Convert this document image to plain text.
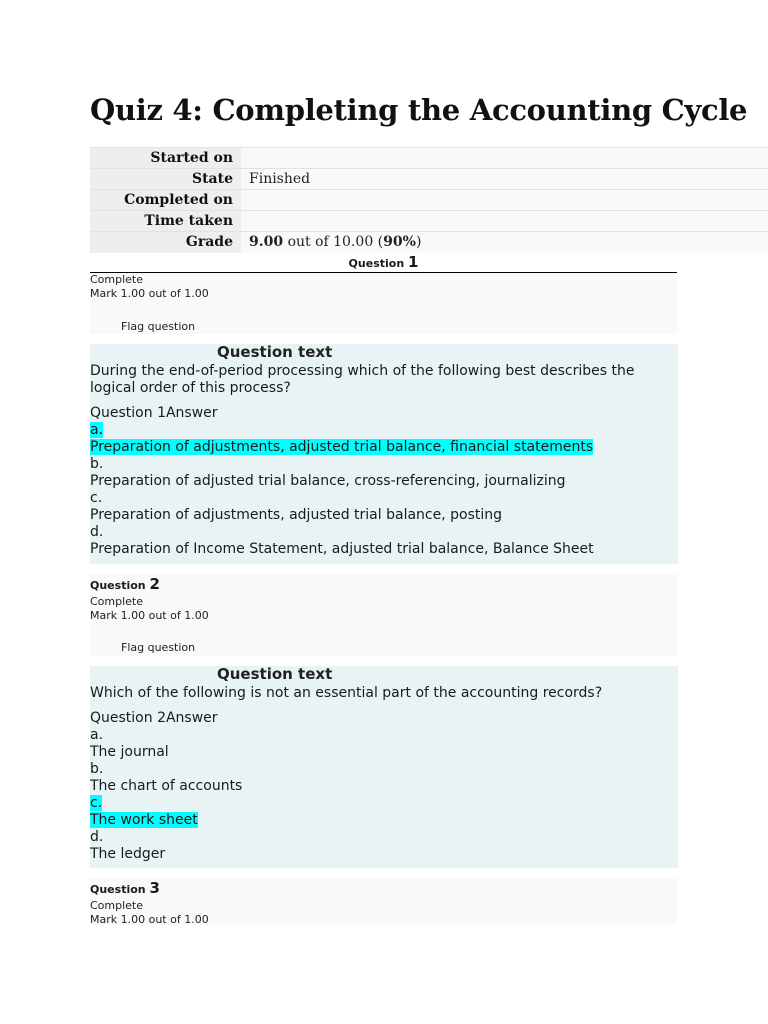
Quiz 4: Completing the Accounting Cycle
Started on	
State	Finished
Completed on	
Time taken	
Grade	9.00 out of 10.00 (90%)
Question 1
Complete
Mark 1.00 out of 1.00
Flag question
Question text
During the end-of-period processing which of the following best describes the logical order of this process?
Question 1Answer
a.
Preparation of adjustments, adjusted trial balance, financial statements
b.
Preparation of adjusted trial balance, cross-referencing, journalizing
c.
Preparation of adjustments, adjusted trial balance, posting
d.
Preparation of Income Statement, adjusted trial balance, Balance Sheet
Question 2
Complete
Mark 1.00 out of 1.00
Flag question
Question text
Which of the following is not an essential part of the accounting records?
Question 2Answer
a.
The journal
b.
The chart of accounts
c.
The work sheet
d.
The ledger
Question 3
Complete
Mark 1.00 out of 1.00
